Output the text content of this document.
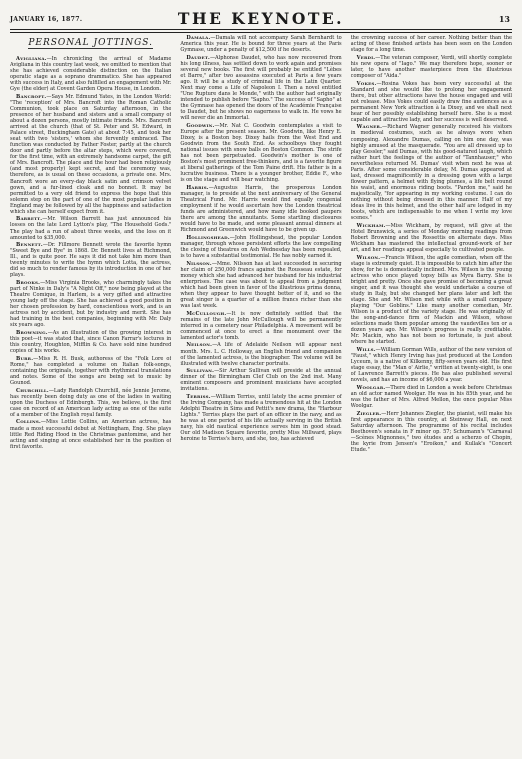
JANUARY 16, 1877.	THE KEYNOTE.	13
PERSONAL JOTTINGS.

Avigliana.—In chronicling the arrival of Madame Avigliana in this country last week, we omitted to mention that she has achieved considerable distinction on the Italian operatic stage as a soprano drammatico. She has appeared with success in Italy, and also fulfilled an engagement with Mr. Gye (the elder) at Covent Garden Opera House, in London.

Bancroft.—Says Mr. Edmund Yates, in the London World: "The 'reception' of Mrs. Bancroft into the Roman Catholic Communion, took place on Saturday afternoon, in the presence of her husband and sisters and a small company of about a dozen persons, mostly intimate friends. Mrs. Bancroft arrived at the church (that of St. Peter and St. Edward, in Palace street, Buckingham Gate) at about 7:45, and took her seat with two 'sisters,' whom she fervently embraced. The function was conducted by Father Foster, partly at the church door and partly before the altar steps, which were covered, for the first time, with an extremely handsome carpet, the gift of Mrs. Bancroft. The place and the hour had been religiously (and most properly) kept secret, and the ceremony was, therefore, as is usual on these occasions, a private one. Mrs. Bancroft wore an every-day black satin and crimson velvet gown, and a fur-lined cloak and no bonnet. It may be permitted to a very old friend to express the hope that this solemn step on the part of one of the most popular ladies in England may be followed by all the happiness and satisfaction which she can herself expect from it.

Barrett.—Mr. Wilson Barrett has just announced his losses on the late Lord Lytton's play, "The Household Gods." The play had a run of about three weeks, and the loss on it amounted to $35,000.

Bennett.—Dr. Fillmore Bennett wrote the favorite hymn "Sweet Bye and Bye" in 1868. Dr. Bennett lives at Richmond, Ill., and is quite poor. He says it did not take him more than twenty minutes to write the hymn which Lotta, the actress, did so much to render famous by its introduction in one of her plays.

Brooks.—Miss Virginia Brooks, who charmingly takes the part of Ninke in Daly's "A Night Off," now being played at the Theatre Comique, in Harlem, is a very gifted and attractive young lady off the stage. She has achieved a good position in her chosen profession by hard, conscientious work, and is an actress not by accident, but by industry and merit. She has had training in the best companies, beginning with Mr. Daly six years ago.

Browning.—As an illustration of the growing interest in this poet—it was stated that, since Canon Farrar's lectures in this country, Houghton, Mifflin & Co. have sold nine hundred copies of his works.

Burr.—Miss R. H. Busk, authoress of the "Folk Lore of Rome," has completed a volume on Italian folk-songs, containing the originals, together with rhythmical translations and notes. Some of the songs are being set to music by Gounod.

Churchill.—Lady Randolph Churchill, née Jennie Jerome, has recently been doing duty as one of the ladies in waiting upon the Duchess of Edinburgh. This, we believe, is the first case on record of an American lady acting as one of the suite of a member of the English royal family.

Collins.—Miss Lottie Collins, an American actress, has made a most successful debut at Nottingham, Eng. She plays little Red Riding Hood in the Christmas pantomime, and her acting and singing at once established her in the position of first favorite.

Damala.—Damala will not accompany Sarah Bernhardt to America this year. He is bound for three years at the Paris Gymnase, under a penalty of $12,500 if he deserts.

Daudet.—Alphonse Daudet, who has now recovered from his long illness, has settled down to work again and promises several new books. The first will probably be entitled "Lèbes et Barre," after two assassins executed at Paris a few years ago. It will be a study of criminal life in the Latin Quarter. Next may come a Life of Napoleon I. Then a novel entitled "Une Rupture dans le Monde," with the author had originally intended to publish before "Sapho." The success of "Sapho" at the Gymnase has opened the doors of the Académie Française to Daudet, but he shows no eagerness to walk in. He vows he will never die an Immortal.

Goodwin.—Mr. Nat C. Goodwin contemplates a visit to Europe after the present season. Mr. Goodwin, like Henry E. Dixey, is a Boston boy. Dixey hails from the West End and Goodwin from the South End. As schoolboys they fought national issues with snow balls on Boston Common. The strife has not been perpetuated. Goodwin's mother is one of Boston's most prominent free-thinkers, and is a favorite figure at liberal gatherings of the Tom Paine drift. His father is in a lucrative business. There is a younger brother, Eddie F., who is on the stage and will bear watching.

Harris.—Augustus Harris, the prosperous London manager, is to preside at the next anniversary of the General Theatrical Fund. Mr. Harris would find equally congenial employment if he would ascertain how the London theatrical funds are administered, and how many idle booked paupers there are among the annuitants. Some startling disclosures would have to be made, and some pleasant annual dinners at Richmond and Greenwich would have to be given up.

Hollingshead.—John Hollingshead, the popular London manager, through whose persistent efforts the law compelling the closing of theatres on Ash Wednesday has been repealed, is to have a substantial testimonial. He has nobly earned it.

Nilsson.—Mme. Nilsson has at last succeeded in securing her claim of 250,000 francs against the Rousseau estate, for money which she had advanced her husband for his industrial enterprises. The case was about to appeal from a judgment which had been given in favor of the illustrious prima donna, when they appear to have thought better of it, and so the great singer is a quarter of a million francs richer than she was last week.

McCullough.—It is now definitely settled that the remains of the late John McCullough will be permanently interred in a cemetery near Philadelphia. A movement will be commenced at once to erect a fine monument over the lamented actor's tomb.

Neilson.—A life of Adelaide Neilson will appear next month. Mrs. L. C. Holloway, an English friend and companion of the lamented actress, is the biographer. The volume will be illustrated with twelve character portraits.

Sullivan.—Sir Arthur Sullivan will preside at the annual dinner of the Birmingham Clef Club on the 2nd inst. Many eminent composers and prominent musicians have accepted invitations.

Terriss.—William Terriss, until lately the acme premier of the Irving Company, has made a tremendous hit at the London Adelphi Theatre in Sims and Pettit's new drama, the "Harbour Lights." Terriss plays the part of an officer in the navy, and as he was at one period of his life actually serving in the British navy, his old nautical experience serves him in good stead. Our old Madison Square favorite, pretty Miss Millward, plays heroine to Terriss's hero, and she, too, has achieved

the crowning success of her career. Nothing better than the acting of these finished artists has been seen on the London stage for a long time.

Verdi.—The veteran composer, Verdi, will shortly complete his new opera of "Iago." We may therefore hope, sooner or later, to have another masterpiece from the illustrious composer of "Aida."

Vokes.—Rosina Vokes has been very successful at the Standard and she would like to prolong her engagement there, but other attractions have the house engaged and will not release. Miss Vokes could easily draw fine audiences as a permanent New York attraction à la Dixey, and we shall next hear of her possibly establishing herself here. She is a most capable and attractive lady, and her success is well deserved.

Wagner.—Richard Wagner generally received his visitors in medieval costumes, such as he always wore when composing. Alexandre Dumas, calling on him one day, was highly amused at the masquerade. "You are all dressed up to play Gessler," said Dumas, with his good-natured laugh, which rather hurt the feelings of the author of "Tannhauser," who nevertheless returned M. Dumas' visit when next he was at Paris. After some considerable delay, M. Dumas appeared at last, dressed magnificently in a dressing gown with a large flower pattern, a helmet with flying plumes, a life belt round his waist, and enormous riding boots. "Pardon me," said he majestically, "for appearing in my working costume. I can do nothing without being dressed in this manner. Half of my ideas live in this helmet, and the other half are lodged in my boots, which are indispensable to me when I write my love scenes."

Wickham.—Miss Wickham, by request, will give at the Hotel Brunswick, a series of Monday morning readings from Robert Browning and the Rossettis on alternate days. Miss Wickham has mastered the intellectual ground-work of her art, and her readings appeal especially to cultivated people.

Wilson.—Francis Wilson, the agile comedian, when off the stage is extremely quiet. It is impossible to catch him after the show, for he is domestically inclined. Mrs. Wilson is the young actress who once played topsy bills as Myra Barry. She is bright and pretty. Once she gave promise of becoming a great singer, and it was thought she would undertake a course of study in Italy, but she changed her plans later and left the stage. She and Mr. Wilson met while with a small company playing "Our Goblins." Like many another comedian, Mr. Wilson is a product of the variety stage. He was originally of the song-and-dance firm of Mackin and Wilson, whose selections made them popular among the vaudevilles ten or a dozen years ago. Mr. Wilson's progress is really creditable. Mr. Mackin, who has not been so fortunate, is just about where he started.

Wills.—William Gorman Wills, author of the new version of "Faust," which Henry Irving has just produced at the London Lyceum, is a native of Kilkenny, fifty-seven years old. His first stage essay, the "Man o' Airlie," written at twenty-eight, is one of Lawrence Barrett's pieces. He has also published several novels, and has an income of $6,000 a year.

Woolgar.—There died in London a week before Christmas an old actor named Woolgar. He was in his 85th year, and he was the father of Mrs. Alfred Mellon, the once popular Miss Woolgar.

Ziegler.—Herr Johannes Ziegler, the pianist, will make his first appearance in this country, at Steinway Hall, on next Saturday afternoon. The programme of his recital includes Beethoven's sonata in F minor op. 57; Schumann's "Carnaval—Scènes Mignonnes," two études and a scherzo of Chopin, the kyrie from Jensen's "Eroikon," and Kullak's "Concert Etude."
